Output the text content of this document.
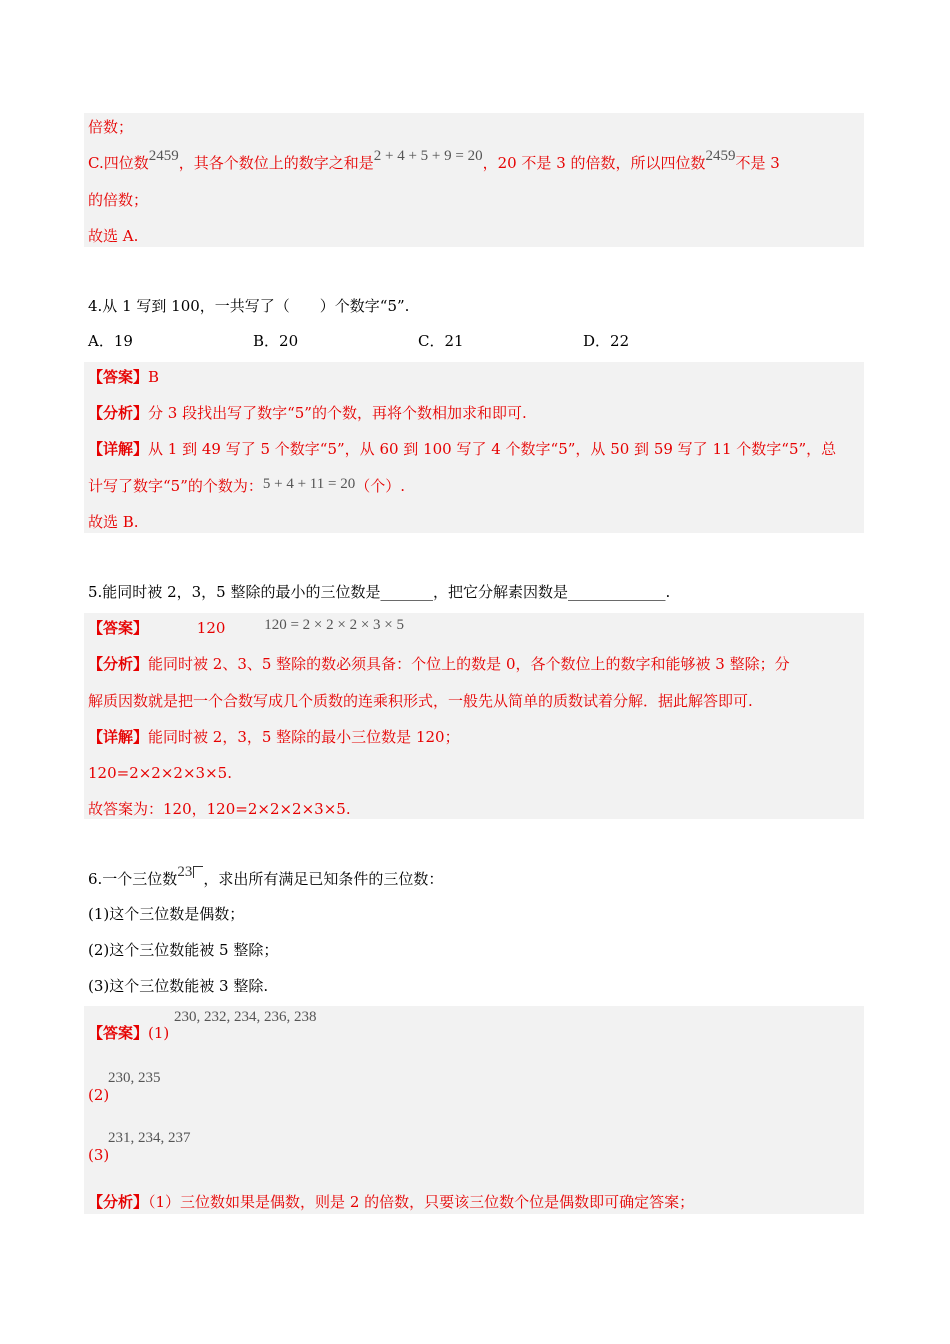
倍数；
C.四位数2459，其各个数位上的数字之和是2 + 4 + 5 + 9 = 20，20 不是 3 的倍数，所以四位数2459不是 3
的倍数；
故选 A.
4.从 1 写到 100，一共写了（　　）个数字“5”.
A．19	B．20	C．21	D．22
【答案】B
【分析】分 3 段找出写了数字“5”的个数，再将个数相加求和即可.
【详解】从 1 到 49 写了 5 个数字“5”，从 60 到 100 写了 4 个数字“5”，从 50 到 59 写了 11 个数字“5”，总
计写了数字“5”的个数为：5 + 4 + 11 = 20（个）.
故选 B.
5.能同时被 2，3，5 整除的最小的三位数是_______，把它分解素因数是_____________.
【答案】	120	120 = 2 × 2 × 2 × 3 × 5
【分析】能同时被 2、3、5 整除的数必须具备：个位上的数是 0，各个数位上的数字和能够被 3 整除；分
解质因数就是把一个合数写成几个质数的连乘积形式，一般先从简单的质数试着分解．据此解答即可.
【详解】能同时被 2，3，5 整除的最小三位数是 120；
120=2×2×2×3×5.
故答案为：120，120=2×2×2×3×5.
6.一个三位数23 ，求出所有满足已知条件的三位数：
(1)这个三位数是偶数；
(2)这个三位数能被 5 整除；
(3)这个三位数能被 3 整除.
230, 232, 234, 236, 238
【答案】(1)
230, 235
(2)
231, 234, 237
(3)
【分析】（1）三位数如果是偶数，则是 2 的倍数，只要该三位数个位是偶数即可确定答案；
